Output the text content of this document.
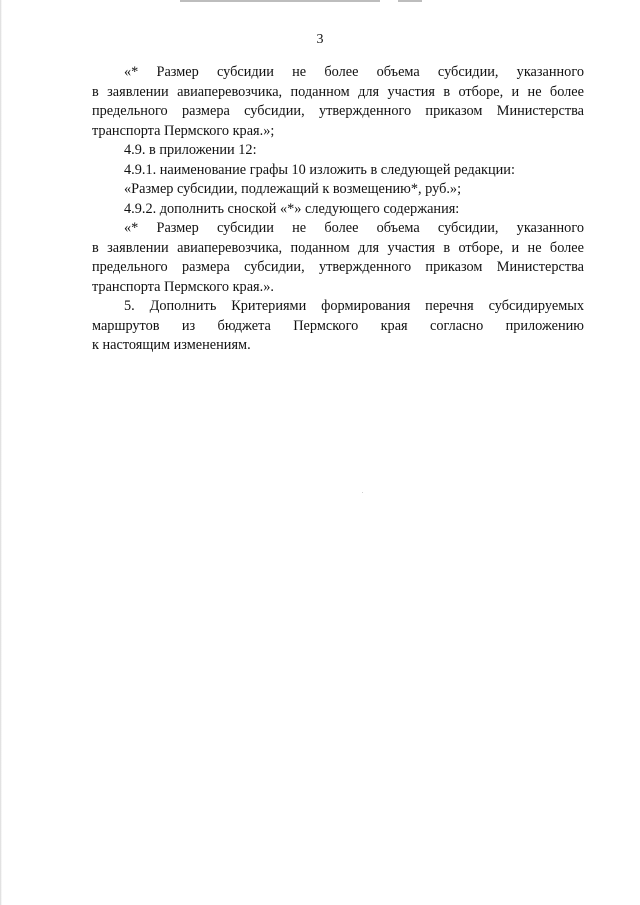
3
«* Размер субсидии не более объема субсидии, указанного
в заявлении авиаперевозчика, поданном для участия в отборе, и не более
предельного размера субсидии, утвержденного приказом Министерства
транспорта Пермского края.»;
4.9. в приложении 12:
4.9.1. наименование графы 10 изложить в следующей редакции:
«Размер субсидии, подлежащий к возмещению*, руб.»;
4.9.2. дополнить сноской «*» следующего содержания:
«* Размер субсидии не более объема субсидии, указанного
в заявлении авиаперевозчика, поданном для участия в отборе, и не более
предельного размера субсидии, утвержденного приказом Министерства
транспорта Пермского края.».
5. Дополнить Критериями формирования перечня субсидируемых
маршрутов из бюджета Пермского края согласно приложению
к настоящим изменениям.
